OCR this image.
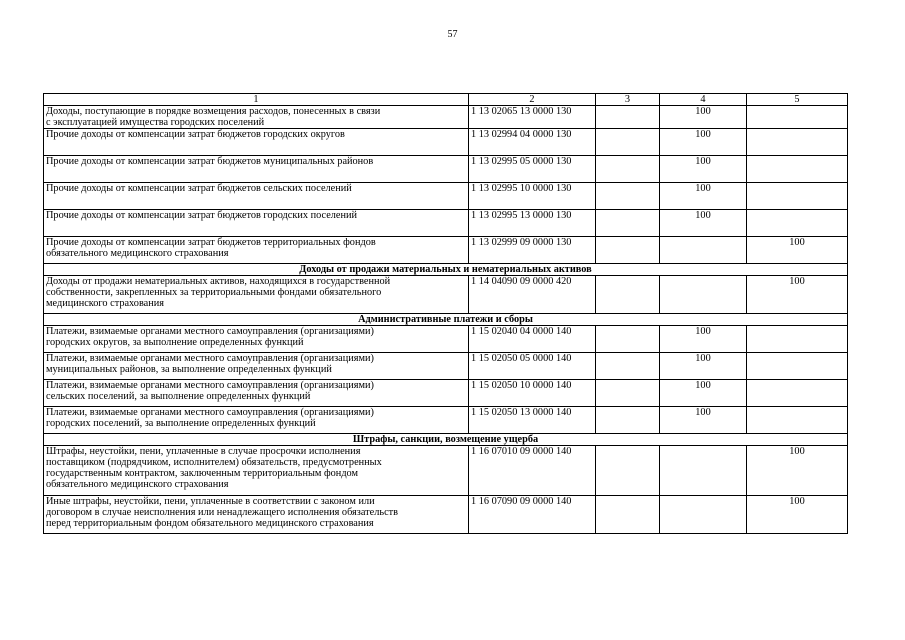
57
1	2	3	4	5
Доходы, поступающие в порядке возмещения расходов, понесенных в связи
с эксплуатацией имущества городских поселений	1 13 02065 13 0000 130		100	
Прочие доходы от компенсации затрат бюджетов городских округов	1 13 02994 04 0000 130		100	
Прочие доходы от компенсации затрат бюджетов муниципальных районов	1 13 02995 05 0000 130		100	
Прочие доходы от компенсации затрат бюджетов сельских поселений	1 13 02995 10 0000 130		100	
Прочие доходы от компенсации затрат бюджетов городских поселений	1 13 02995 13 0000 130		100	
Прочие доходы от компенсации затрат бюджетов территориальных фондов
обязательного медицинского страхования	1 13 02999 09 0000 130			100
Доходы от продажи материальных и нематериальных активов				
Доходы от продажи нематериальных активов, находящихся в государственной
собственности, закрепленных за территориальными фондами обязательного
медицинского страхования	1 14 04090 09 0000 420			100
Административные платежи и сборы				
Платежи, взимаемые органами местного самоуправления (организациями)
городских округов, за выполнение определенных функций	1 15 02040 04 0000 140		100	
Платежи, взимаемые органами местного самоуправления (организациями)
муниципальных районов, за выполнение определенных функций	1 15 02050 05 0000 140		100	
Платежи, взимаемые органами местного самоуправления (организациями)
сельских поселений, за выполнение определенных функций	1 15 02050 10 0000 140		100	
Платежи, взимаемые органами местного самоуправления (организациями)
городских поселений, за выполнение определенных функций	1 15 02050 13 0000 140		100	
Штрафы, санкции, возмещение ущерба				
Штрафы, неустойки, пени, уплаченные в случае просрочки исполнения
поставщиком (подрядчиком, исполнителем) обязательств, предусмотренных
государственным контрактом, заключенным территориальным фондом
обязательного медицинского страхования	1 16 07010 09 0000 140			100
Иные штрафы, неустойки, пени, уплаченные в соответствии с законом или
договором в случае неисполнения или ненадлежащего исполнения обязательств
перед территориальным фондом обязательного медицинского страхования	1 16 07090 09 0000 140			100
